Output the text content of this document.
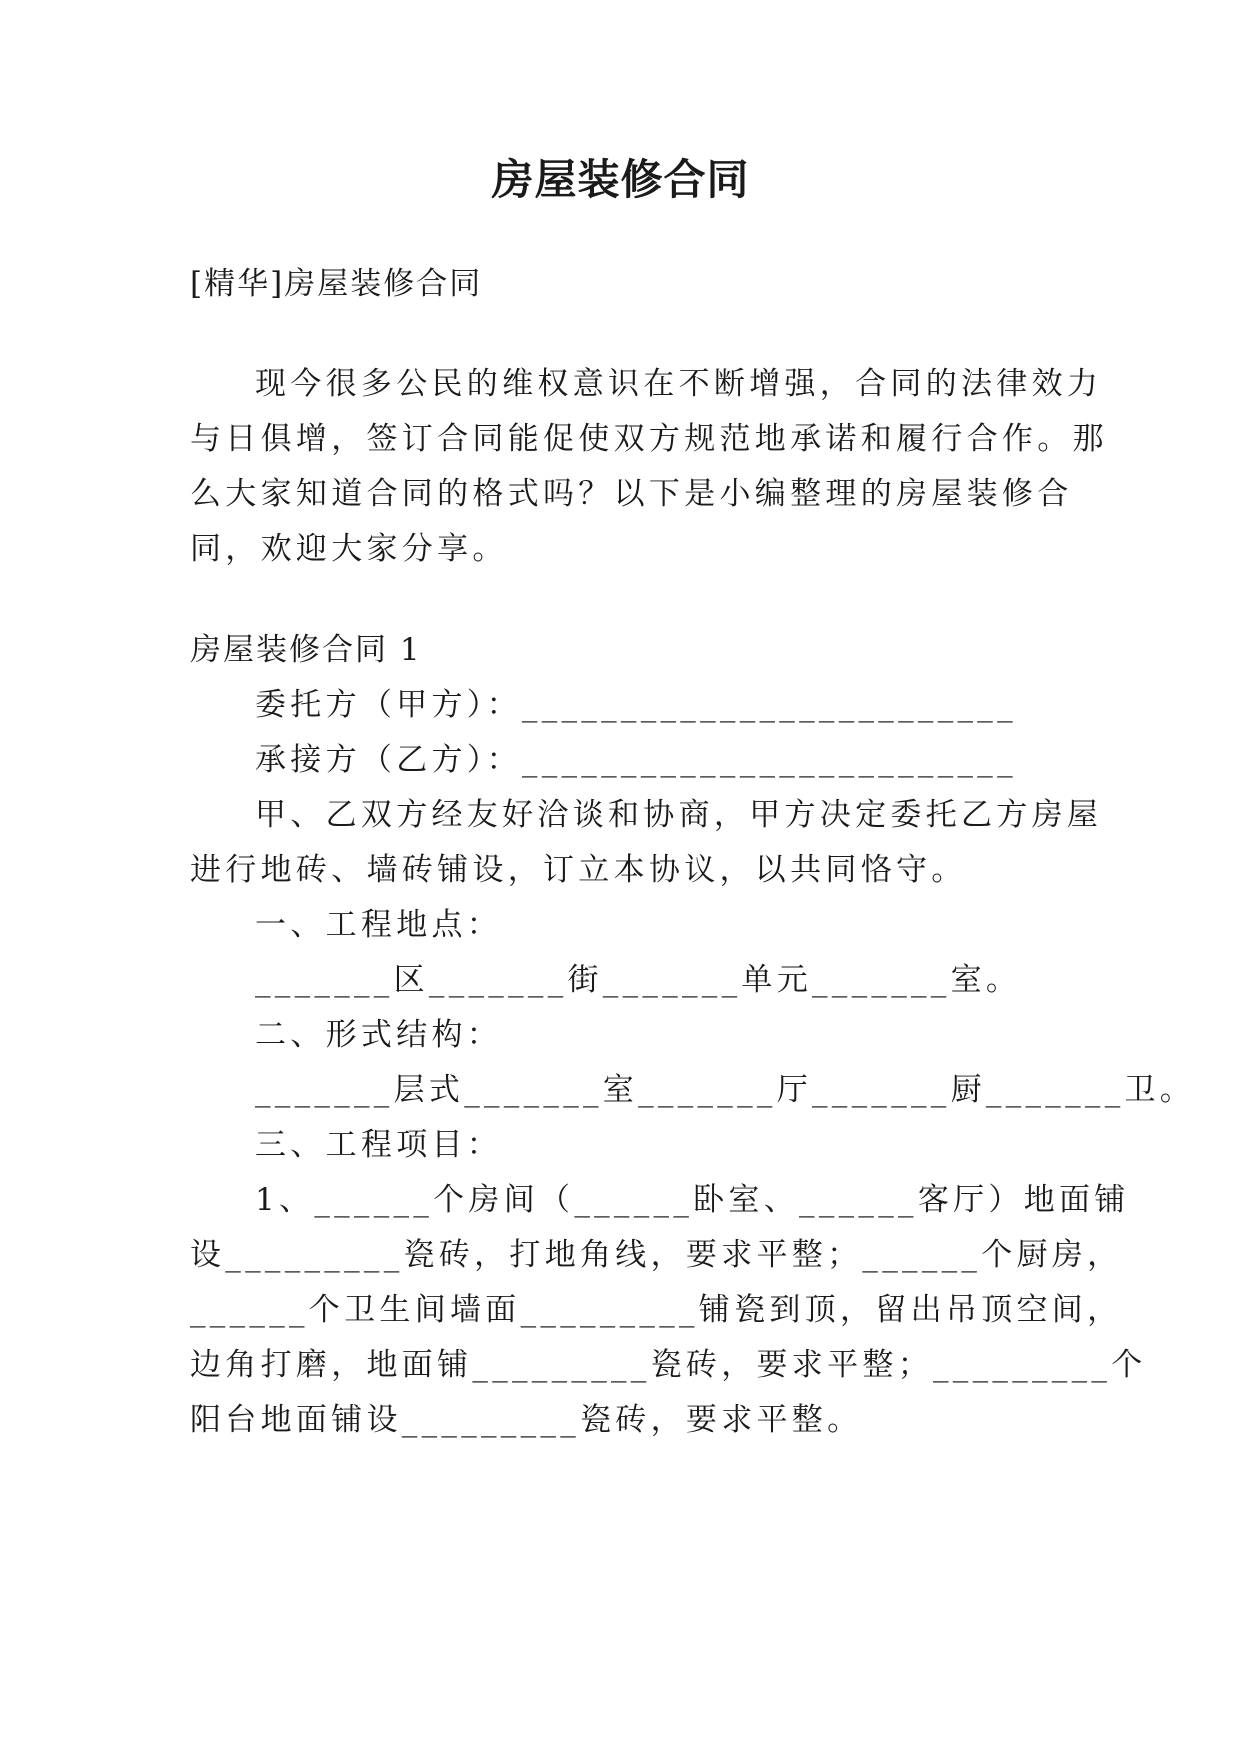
房屋装修合同
[精华]房屋装修合同
现今很多公民的维权意识在不断增强，合同的法律效力
与日俱增，签订合同能促使双方规范地承诺和履行合作。那
么大家知道合同的格式吗？以下是小编整理的房屋装修合
同，欢迎大家分享。
房屋装修合同 1
委托方（甲方）：_________________________
承接方（乙方）：_________________________
甲、乙双方经友好洽谈和协商，甲方决定委托乙方房屋
进行地砖、墙砖铺设，订立本协议，以共同恪守。
一、工程地点：
_______区_______街_______单元_______室。
二、形式结构：
_______层式_______室_______厅_______厨_______卫。
三、工程项目：
1、______个房间（______卧室、______客厅）地面铺
设_________瓷砖，打地角线，要求平整；______个厨房，
______个卫生间墙面_________铺瓷到顶，留出吊顶空间，
边角打磨，地面铺_________瓷砖，要求平整；_________个
阳台地面铺设_________瓷砖，要求平整。
